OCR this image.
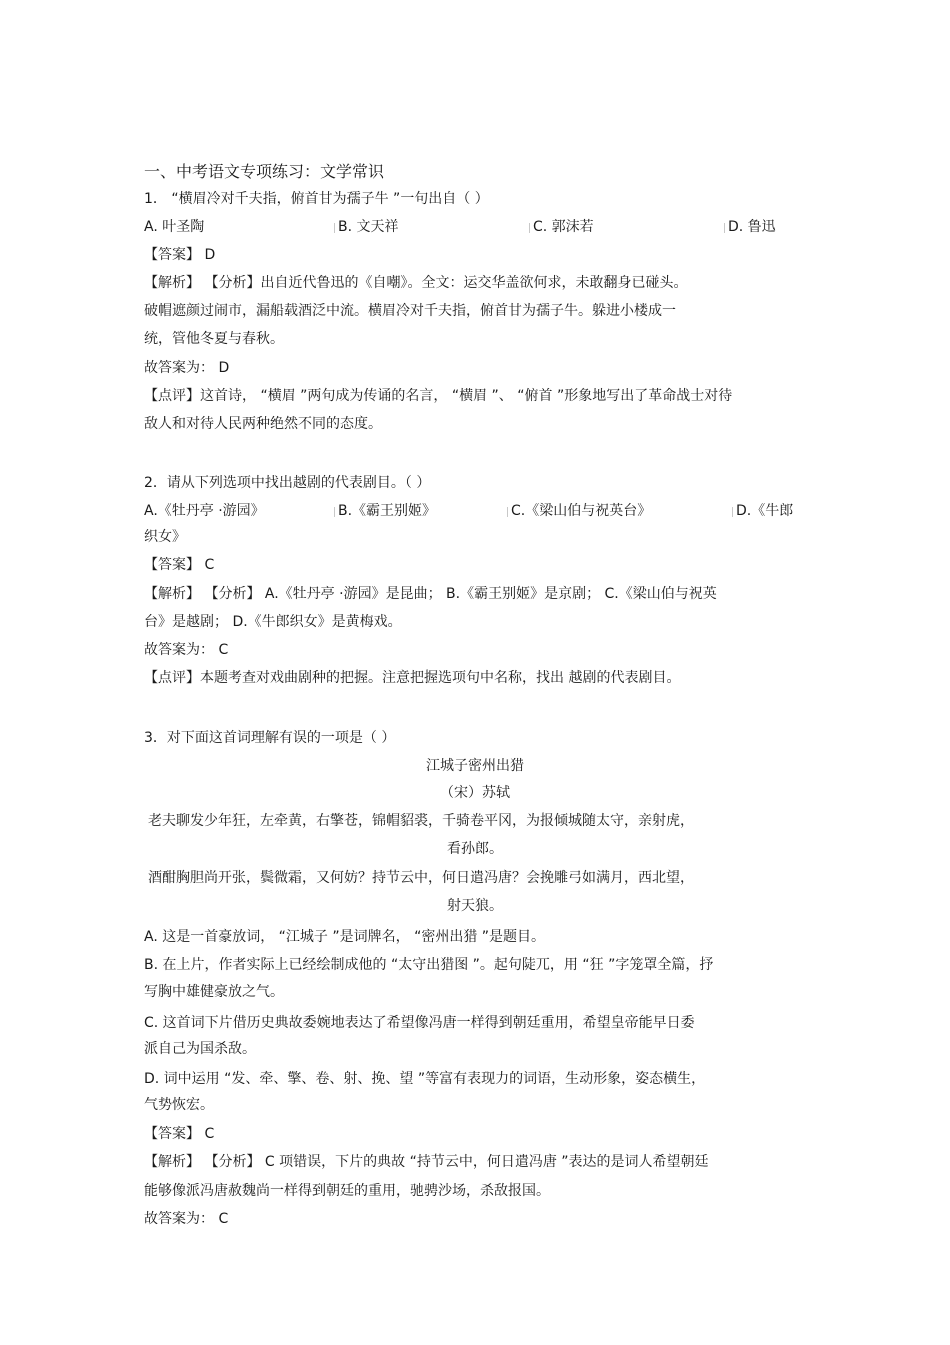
一、中考语文专项练习：文学常识
1． “横眉冷对千夫指，俯首甘为孺子牛 ”一句出自（ ）
A. 叶圣陶	B. 文天祥	C. 郭沫若	D. 鲁迅
【答案】 D
【解析】 【分析】出自近代鲁迅的《自嘲》。全文：运交华盖欲何求，未敢翻身已碰头。
破帽遮颜过闹市，漏船载酒泛中流。横眉冷对千夫指，俯首甘为孺子牛。躲进小楼成一
统，管他冬夏与春秋。
故答案为： D
【点评】这首诗， “横眉 ”两句成为传诵的名言， “横眉 ”、 “俯首 ”形象地写出了革命战士对待
敌人和对待人民两种绝然不同的态度。
2．请从下列选项中找出越剧的代表剧目。（ ）
A.《牡丹亭 ·游园》	B.《霸王别姬》	C.《梁山伯与祝英台》	D.《牛郎
织女》
【答案】 C
【解析】 【分析】 A.《牡丹亭 ·游园》是昆曲； B.《霸王别姬》是京剧； C.《梁山伯与祝英
台》是越剧； D.《牛郎织女》是黄梅戏。
故答案为： C
【点评】本题考查对戏曲剧种的把握。注意把握选项句中名称，找出 越剧的代表剧目。
3．对下面这首词理解有误的一项是（ ）
江城子密州出猎
（宋）苏轼
老夫聊发少年狂，左牵黄，右擎苍，锦帽貂裘，千骑卷平冈，为报倾城随太守，亲射虎，
看孙郎。
酒酣胸胆尚开张，鬓微霜，又何妨？持节云中，何日遣冯唐？会挽雕弓如满月，西北望，
射天狼。
A. 这是一首豪放词， “江城子 ”是词牌名， “密州出猎 ”是题目。
B. 在上片，作者实际上已经绘制成他的 “太守出猎图 ”。起句陡兀，用 “狂 ”字笼罩全篇，抒
写胸中雄健豪放之气。
C. 这首词下片借历史典故委婉地表达了希望像冯唐一样得到朝廷重用，希望皇帝能早日委
派自己为国杀敌。
D. 词中运用 “发、牵、擎、卷、射、挽、望 ”等富有表现力的词语，生动形象，姿态横生，
气势恢宏。
【答案】 C
【解析】 【分析】 C 项错误，下片的典故 “持节云中，何日遣冯唐 ”表达的是词人希望朝廷
能够像派冯唐赦魏尚一样得到朝廷的重用，驰骋沙场，杀敌报国。
故答案为： C
